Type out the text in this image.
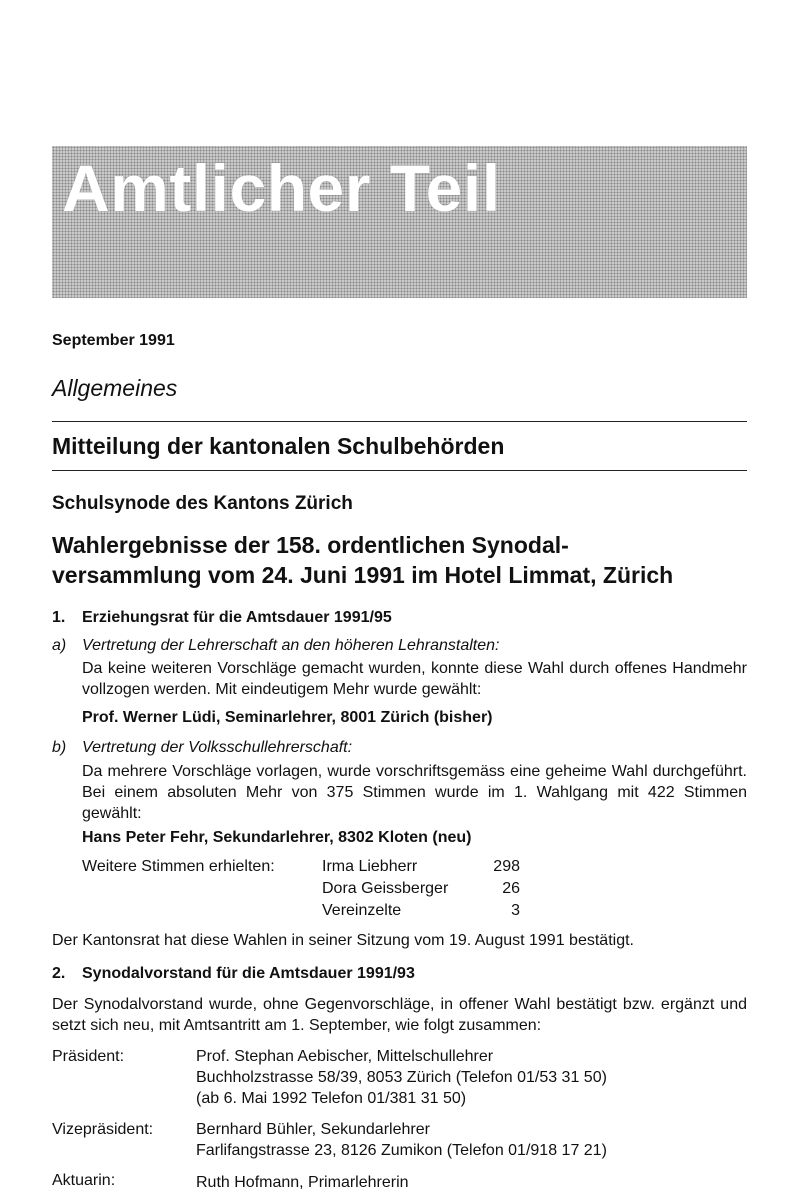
Amtlicher Teil
September 1991
Allgemeines
Mitteilung der kantonalen Schulbehörden
Schulsynode des Kantons Zürich
Wahlergebnisse der 158. ordentlichen Synodal-
versammlung vom 24. Juni 1991 im Hotel Limmat, Zürich
1. Erziehungsrat für die Amtsdauer 1991/95
a) Vertretung der Lehrerschaft an den höheren Lehranstalten:
Da keine weiteren Vorschläge gemacht wurden, konnte diese Wahl durch offenes Handmehr vollzogen werden. Mit eindeutigem Mehr wurde gewählt:
Prof. Werner Lüdi, Seminarlehrer, 8001 Zürich (bisher)
b) Vertretung der Volksschullehrerschaft:
Da mehrere Vorschläge vorlagen, wurde vorschriftsgemäss eine geheime Wahl durchgeführt. Bei einem absoluten Mehr von 375 Stimmen wurde im 1. Wahlgang mit 422 Stimmen gewählt:
Hans Peter Fehr, Sekundarlehrer, 8302 Kloten (neu)
Weitere Stimmen erhielten:	Irma Liebherr	298
Dora Geissberger	26
Vereinzelte	3
Der Kantonsrat hat diese Wahlen in seiner Sitzung vom 19. August 1991 bestätigt.
2. Synodalvorstand für die Amtsdauer 1991/93
Der Synodalvorstand wurde, ohne Gegenvorschläge, in offener Wahl bestätigt bzw. ergänzt und setzt sich neu, mit Amtsantritt am 1. September, wie folgt zusammen:
Präsident:	Prof. Stephan Aebischer, Mittelschullehrer
Buchholzstrasse 58/39, 8053 Zürich (Telefon 01/53 31 50)
(ab 6. Mai 1992 Telefon 01/381 31 50)
Vizepräsident:	Bernhard Bühler, Sekundarlehrer
Farlifangstrasse 23, 8126 Zumikon (Telefon 01/918 17 21)
Aktuarin:	Ruth Hofmann, Primarlehrerin
